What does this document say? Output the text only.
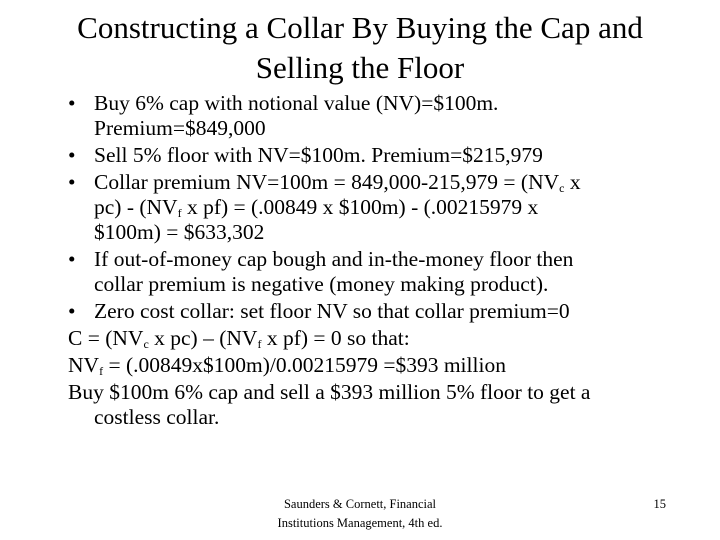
Constructing a Collar By Buying the Cap and
Selling the Floor
• Buy 6% cap with notional value (NV)=$100m.
Premium=$849,000
• Sell 5% floor with NV=$100m. Premium=$215,979
• Collar premium $NV=100m = 849,000-215,979 = (NV_c$ x
$pc) - (NV_f$ x pf) = (.00849 x $100m) - (.00215979 x
$100m) = $633,302
• If out-of-money cap bough and in-the-money floor then
collar premium is negative (money making product).
• Zero cost collar: set floor NV so that collar premium=0
$C = (NV_c$ x $pc) - (NV_f$ x pf) = 0 so that:
$NV_f$ = (.00849x$100m)/0.00215979 =$393 million
Buy $100m 6% cap and sell a $393 million 5% floor to get a
costless collar.
Saunders & Cornett, Financial
Institutions Management, 4th ed.
15
